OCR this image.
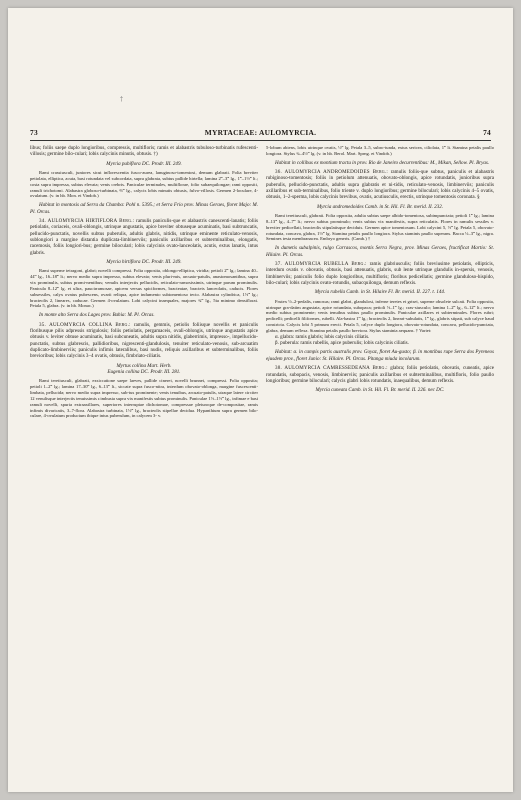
†
73	MYRTACEAE: AULOMYRCIA.	74

libus; foliis saepe duplo longioribus, compressis, multifloris; ramis et alabastris tubuloso-turbinatis rufescenti-villosis; germine bilo-culari; lobis calycinis minutis, obtusis. †)

Myrcia pubiflora DC. Prodr. III. 249.

Rami crassiusculi, juniores sicut inflorescentia fusco-aurea, lanuginoso-tomentosi, demum glabrati. Folia breviter petiolata, elliptica, acuta, basi rotundata vel subcordata, supra glabrata, subtus pallide hirtella; lamina 2‴–3‴ lg., 1‴–1½‴ lt.; costa supra impressa, subtus elevata; venis crebris. Paniculae terminales, multiflorae, folio subaequilongae; rami oppositi, ramuli trichotomi. Alabastra globoso-turbinata, ⅔‴ lg., calycis lobis minutis obtusis, fulvo-villosis. Germen 2-loculare, 4-ovulatum. (v. in hb. Mon. et Vindob.)

Habitat in montosis ad Serra da Chamba: Pohl n. 5395.; et Serra Frio prov. Minas Geraes, floret Majo: M. Pl. Orcas.

34. AULOMYRCIA HIRTIFLORA Berg.: ramulis paniculis-que et alabastris canescenti-lanatis; foliis petiolatis, coriaceis, ovali-oblongis, utrinque angustatis, apice breviter obtuseque acuminatis, basi subtruncatis, pellucido-punctatis, novellis subtus puberulis, adultis glabris, nitidis, utrinque eminente reticulato-venosis, sublongiori a margine distantia duplicata-limbinerviis; paniculis axillaribus et subterminalibus, elongatis, racemosis, foliis longiori-bus; germine biloculari; lobis calycinis ovato-lanceolatis, acutis, extus lanatis, intus glabris.

Myrcia hirtiflora DC. Prodr. III. 249.

Rami superne tetragoni, glabri; novelli compressi. Folia opposita, oblongo-elliptica, viridia; petioli 2‴ lg.; lamina 40–44‴ lg., 16–18‴ lt.; nervo medio supra impresso, subtus elevato; venis pluri-mis, arcuato-patulis, anastomosantibus, supra vix prominulis, subtus promi-nentibus; venulis interjectis pellucidis, reticulato-ramosissimis, utrinque parum prominulis. Panicula 8–12‴ lg. et ultra, paucirramosae, apicem versus spiciformes, bracteatae, bracteis lanceolatis, caducis. Flores subsessiles, calyx ovatus pubescens, ovarii reliqua, apice indumento subtomentoso tecto. Alabastra cylindrica, 1½‴ lg.; bracteolis 2, lineares, caducae. Germen 4-ovulatum. Lobi calycini inaequales, majores ¾‴ lg., 5ta minimo densiflorat. Petala 5, glabra. (v. in hb. Monac.)

In monte alto Serra dos Lages prov. Bahia: M. Pl. Orcas.

35. AULOMYRCIA COLLINA Berg.: ramulis, gemmis, petiolis foliisque novellis et paniculis floribusque pilis adpressis strigulosis; foliis petiolatis, pergamaceis, ovali-oblongis, utrinque angustatis apice obtusis v. leviter obtuse acuminatis, basi subcuneatis, adultis supra nitidis, glaberrimis, impresso-, impellucido-punctatis, subtus glabrescis, pallidioribus, nigrescenti-glandulosis, tenuiter reticulato-venosis, sub-arcuatim duplicato-limbinerviis; paniculis infimis lateralibus, basi nudis, reliquis axillaribus et subterminalibus, foliis brevioribus; lobis calycinis 3–4 ovatis, obtusis, fimbriato-ciliatis.

Myrtus collina Mart. Herb.

Eugenia collina DC. Prodr. III. 281.

Rami teretiusculi, glabrati, exsiccatione saepe laeves, pallide cinerei, novelli brunnei, compressi. Folia opposita; petioli 1–2‴ lg.; lamina 17–30‴ lg., 6–13‴ lt., siccate supra fusco-nitra, interdum obovato-oblonga, margine fuscescenti-limbata, pellucida; nervo medio supra impresso, sub-tus prominente; venis tenuibus, arcuato-patulis, utraque latere circiter 12 venulisque interjectis tenuissimis r.imbusta supra vix manifestis subtus prominulis. Paniculae 1½–1½‴ lg., infimae e basi ramuli novelli, spuria extraaxillares, superiores interruptae dichotomae, compressae pleiuroque de-compositae, ramis infimis divaricatis, 3–7-flora. Alabastra turbinata, 1½‴ lg., bracteolis stipellae decidua. Hypanthium supra germen bilo-culare, 4-ovulatum productum ibique intus puberulum, in calycem 3- v.

5-lobum abiens, lobis utrinque ovatis, ½‴ lg. Petala 3–5, subro-tunda, extus sericea, ciliolata, 1‴ lt. Stamina petalis paullo longiora. Stylus ¾–4½‴ lg. (v. in hb. Berol. Mart. Sprng. et Vindob.)

Habitat in collibus ex montium tractu in prov. Rio de Janeiro decurrentibus: M., Mikan, Sellow. Pl. Bryas.

36. AULOMYRCIA ANDROMEDOIDES Berg.: ramulis foliis-que subtus, paniculis et alabastris rubiginoso-tomentosis; foliis in petiolum attenuatis, obovato-oblongis, apice rotundatis, junioribus supra puberulis, pellucido-punctatis, adultis supra glabratis et ni-tidis, reticulato-venosis, limbinerviis; paniculis axillaribus et sub-terminalibus, folio triente v. duplo longioribus; germine biloculari; lobis calycinis 4–5 ovatis, obtusis, 1–2-sperma, lobis calycinis brevibus, ovatis, acutiusculis, erectis, utrinque tomentosis coronata. §

Myrcia andromedoides Camb. in St. Hil. Fl. Br. merid. II. 232.

Rami teretiusculi, glabrati. Folia opposita, adulta subtus saepe albido-tomentosa, subimpunctata; petioli 1‴ lg.; lamina 8–13‴ lg., 4–7‴ lt.; nervo subtus prominulo; venis subtus vix manifestis, supra reticulatis. Flores in ramulis sessiles v. breviter pedicellati, bracteolis stipulatisque deciduis. Germen apice tomentosum. Lobi calycini 5, ½‴ lg. Petala 5, obovato-rotundata, concava, glabra, 1½‴ lg. Stamina petalis paullo longiora. Stylus staminis paullo superans. Bacca ⅓–3‴ lg., nigra. Semines testa membranacea. Embryo generis. (Camb.) †

In dumetis subalpinis, rulgo Carrascos, montis Serra Negra, prov. Minas Geraes, fructificat Martio: St. Hilaire. Pl. Orcas.

37. AULOMYRCIA RUBELLA Berg.: ramis glabriusculis; foliis breviusime petiolatis, ellipticis, interdum ovatis v. obovatis, obtusis, basi attenuatis, glabris, sub lente utrinque glandulis in-spersis, venosis, limbinerviis; paniculis folio duplo longioribus, multifloris; floribus pedicellatis; germine glanduloso-hispido, bilo-culari; lobis calycinis ovato-rotundis, subacquilonga, demum reflexis.

Myrcia rubella Camb. in St. Hilaire Fl. Br. merid. II. 227. t. 144.

Frutex ½–2-pedalis, ramosus; rami glabri, glandulosi, inferne teretes et grisei, superne obsolete sulcati. Folia opposita, utrinque gra-datim angustata, apice rotundata, subopaca; petioli ½–1‴ lg.; cras-siusculo; lamina 1–2‴ lg., 6–12‴ lt.; nervo medio subtus prominente; venis tenuibus subtus paullo prominulis. Paniculae axillares et subterminales. Flores rubri; pedicelli; pedicelli filiformes, rubelli. Ala-bastra 1‴ lg.; bracteolis 2, lineari-subulatis, 1‴ lg., glabris stipati, sub calyce haud constricta. Calycis lobi 5 primum erecti. Petala 5, calyce duplo longiora, obovato-rotundata, concava, pellucido-punctata, glabra, demum reflexa. Stamina petalis paullo breviora. Stylus staminia aequans. † Variet:

α. glabra: ramis glabris; lobis calycinis ciliatis.

β. puberula: ramis rubellis, apice puberulis; lobis calycinis ciliatis.

Habitat: α. in campis partis australis prov. Goyaz, floret Au-gusto; β. in montibus rupe Serra dos Pyreneos ejusdem prov., floret Junio: St. Hilaire. Pl. Orcas. Pitanga miuda incolarum.

38. AULOMYRCIA CAMRESSEDEANA Berg.: glabra; foliis petiolatis, obovatis, cuneatis, apice rotundatis, subopacis, venosis, limbinerviis; paniculis axillaribus et subterminalibus, multifloris, folio paullo longioribus; germine biloculari; calycis glabri lobis rotundatis, inaequalibus, demum reflexis.

Myrcia cuneata Camb. in St. Hil. Fl. Br. merid. II. 226. nec DC.
